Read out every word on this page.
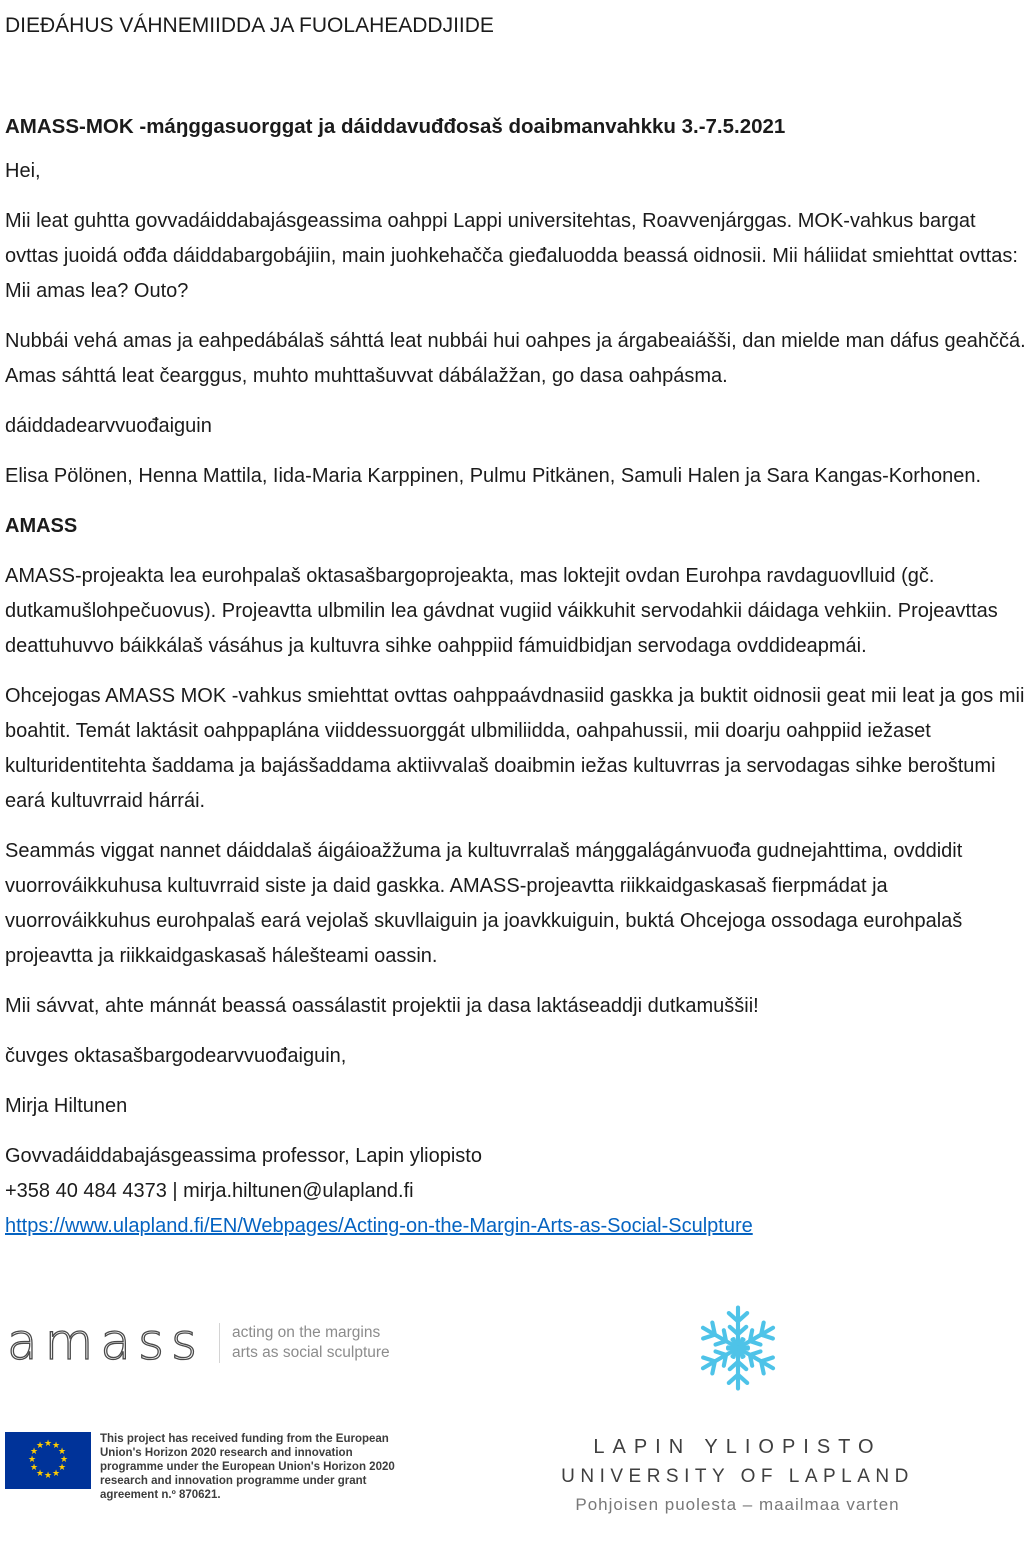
DIEĐÁHUS VÁHNEMIIDDA JA FUOLAHEADDJIIDE

AMASS-MOK -máŋggasuorggat ja dáiddavuđđosaš doaibmanvahkku 3.-7.5.2021

Hei,

Mii leat guhtta govvadáiddabajásgeassima oahppi Lappi universitehtas, Roavvenjárggas. MOK-vahkus bargat ovttas juoidá ođđa dáiddabargobájiin, main juohkehačča gieđaluodda beassá oidnosii. Mii háliidat smiehttat ovttas: Mii amas lea? Outo?

Nubbái vehá amas ja eahpedábálaš sáhttá leat nubbái hui oahpes ja árgabeaiášši, dan mielde man dáfus geahččá. Amas sáhttá leat čearggus, muhto muhttašuvvat dábálažžan, go dasa oahpásma.

dáiddadearvvuođaiguin

Elisa Pölönen, Henna Mattila, Iida-Maria Karppinen, Pulmu Pitkänen, Samuli Halen ja Sara Kangas-Korhonen.

AMASS

AMASS-projeakta lea eurohpalaš oktasašbargoprojeakta, mas loktejit ovdan Eurohpa ravdaguovlluid (gč. dutkamušlohpečuovus). Projeavtta ulbmilin lea gávdnat vugiid váikkuhit servodahkii dáidaga vehkiin. Projeavttas deattuhuvvo báikkálaš vásáhus ja kultuvra sihke oahppiid fámuidbidjan servodaga ovddideapmái.

Ohcejogas AMASS MOK -vahkus smiehttat ovttas oahppaávdnasiid gaskka ja buktit oidnosii geat mii leat ja gos mii boahtit. Temát laktásit oahppaplána viiddessuorggát ulbmiliidda, oahpahussii, mii doarju oahppiid iežaset kulturidentitehta šaddama ja bajásšaddama aktiivvalaš doaibmin iežas kultuvrras ja servodagas sihke beroštumi eará kultuvrraid hárrái.

Seammás viggat nannet dáiddalaš áigáioažžuma ja kultuvrralaš máŋggalágánvuođa gudnejahttima, ovddidit vuorrováikkuhusa kultuvrraid siste ja daid gaskka. AMASS-projeavtta riikkaidgaskasaš fierpmádat ja vuorrováikkuhus eurohpalaš eará vejolaš skuvllaiguin ja joavkkuiguin, buktá Ohcejoga ossodaga eurohpalaš projeavtta ja riikkaidgaskasaš hálešteami oassin.

Mii sávvat, ahte mánnát beassá oassálastit projektii ja dasa laktáseaddji dutkamuššii!

čuvges oktasašbargodearvvuođaiguin,

Mirja Hiltunen

Govvadáiddabajásgeassima professor, Lapin yliopisto
+358 40 484 4373 | mirja.hiltunen@ulapland.fi
https://www.ulapland.fi/EN/Webpages/Acting-on-the-Margin-Arts-as-Social-Sculpture
amass acting on the margins
arts as social sculpture
★ ★
★
★
★
★
★
★
★
★
★
★
This project has received funding from the European Union's Horizon 2020 research and innovation programme under the European Union's Horizon 2020 research and innovation programme under grant agreement n.º 870621.
LAPIN YLIOPISTO
UNIVERSITY OF LAPLAND
Pohjoisen puolesta – maailmaa varten
